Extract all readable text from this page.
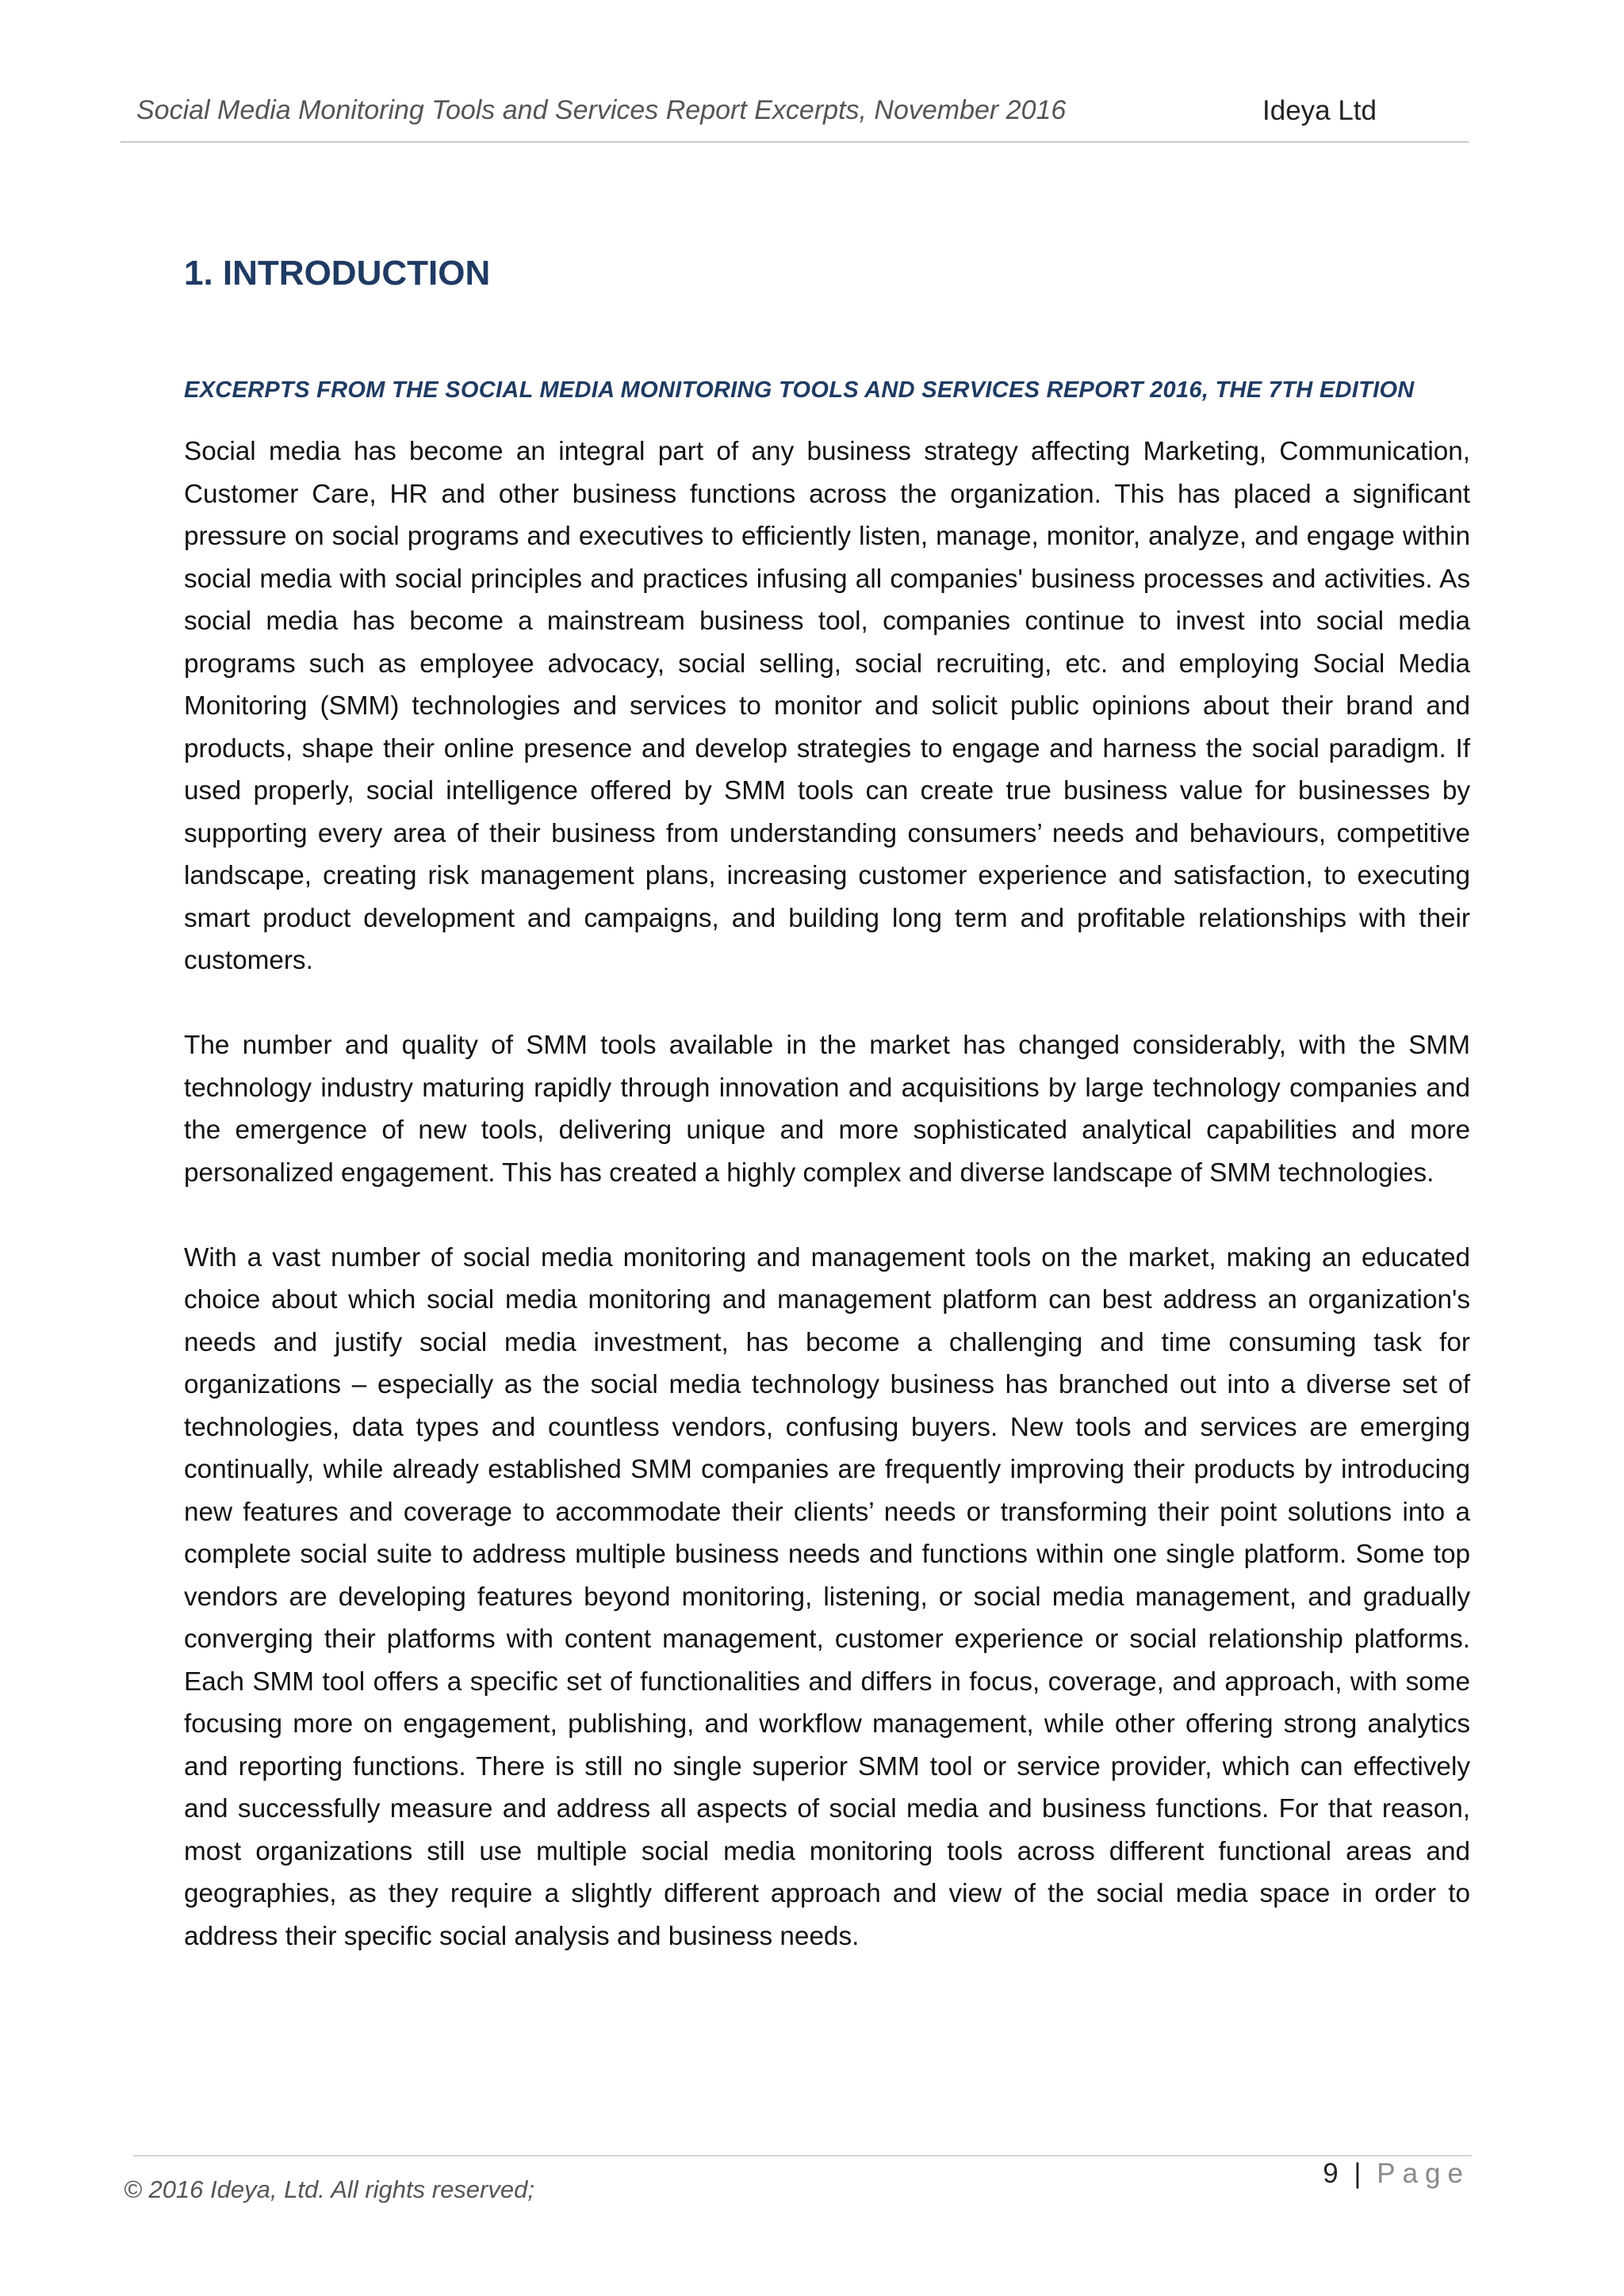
Social Media Monitoring Tools and Services Report Excerpts, November 2016	Ideya Ltd
1. INTRODUCTION
EXCERPTS FROM THE SOCIAL MEDIA MONITORING TOOLS AND SERVICES REPORT 2016, THE 7TH EDITION

Social media has become an integral part of any business strategy affecting Marketing, Communication, Customer Care, HR and other business functions across the organization. This has placed a significant pressure on social programs and executives to efficiently listen, manage, monitor, analyze, and engage within social media with social principles and practices infusing all companies' business processes and activities. As social media has become a mainstream business tool, companies continue to invest into social media programs such as employee advocacy, social selling, social recruiting, etc. and employing Social Media Monitoring (SMM) technologies and services to monitor and solicit public opinions about their brand and products, shape their online presence and develop strategies to engage and harness the social paradigm. If used properly, social intelligence offered by SMM tools can create true business value for businesses by supporting every area of their business from understanding consumers’ needs and behaviours, competitive landscape, creating risk management plans, increasing customer experience and satisfaction, to executing smart product development and campaigns, and building long term and profitable relationships with their customers.

The number and quality of SMM tools available in the market has changed considerably, with the SMM technology industry maturing rapidly through innovation and acquisitions by large technology companies and the emergence of new tools, delivering unique and more sophisticated analytical capabilities and more personalized engagement. This has created a highly complex and diverse landscape of SMM technologies.

With a vast number of social media monitoring and management tools on the market, making an educated choice about which social media monitoring and management platform can best address an organization's needs and justify social media investment, has become a challenging and time consuming task for organizations – especially as the social media technology business has branched out into a diverse set of technologies, data types and countless vendors, confusing buyers. New tools and services are emerging continually, while already established SMM companies are frequently improving their products by introducing new features and coverage to accommodate their clients’ needs or transforming their point solutions into a complete social suite to address multiple business needs and functions within one single platform. Some top vendors are developing features beyond monitoring, listening, or social media management, and gradually converging their platforms with content management, customer experience or social relationship platforms. Each SMM tool offers a specific set of functionalities and differs in focus, coverage, and approach, with some focusing more on engagement, publishing, and workflow management, while other offering strong analytics and reporting functions. There is still no single superior SMM tool or service provider, which can effectively and successfully measure and address all aspects of social media and business functions. For that reason, most organizations still use multiple social media monitoring tools across different functional areas and geographies, as they require a slightly different approach and view of the social media space in order to address their specific social analysis and business needs.

© 2016 Ideya, Ltd. All rights reserved;
9 | Page
